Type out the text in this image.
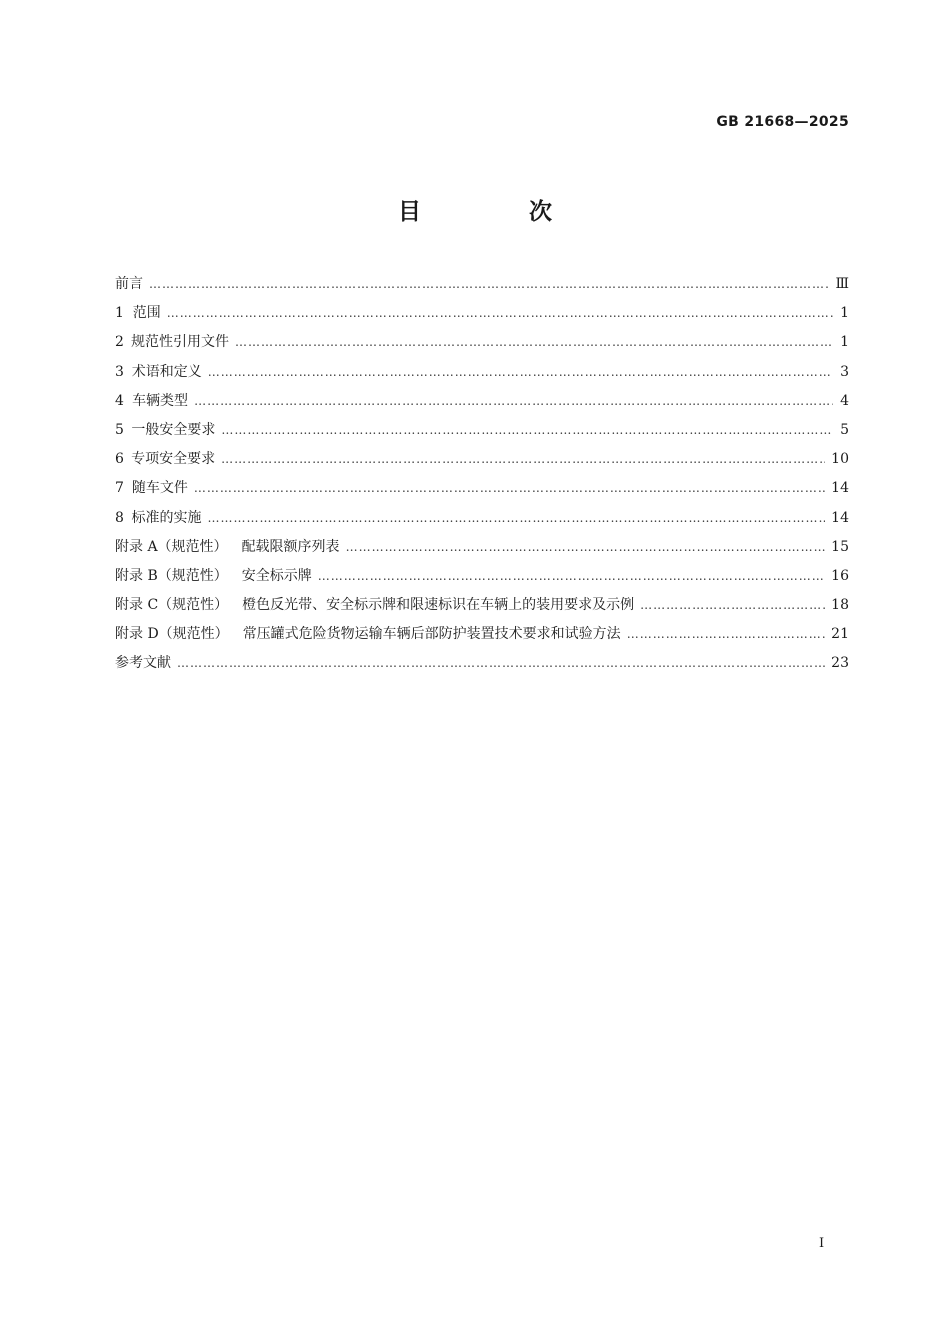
GB 21668—2025
目 次
前言 ………………………………………………………………………………………………………………………………………………………………………………………………	Ⅲ
1 范围 ………………………………………………………………………………………………………………………………………………………………………………………………	1
2 规范性引用文件 ………………………………………………………………………………………………………………………………………………………………………………………………	1
3 术语和定义 ………………………………………………………………………………………………………………………………………………………………………………………………	3
4 车辆类型 ………………………………………………………………………………………………………………………………………………………………………………………………	4
5 一般安全要求 ………………………………………………………………………………………………………………………………………………………………………………………………	5
6 专项安全要求 ………………………………………………………………………………………………………………………………………………………………………………………………	10
7 随车文件 ………………………………………………………………………………………………………………………………………………………………………………………………	14
8 标准的实施 ………………………………………………………………………………………………………………………………………………………………………………………………	14
附录 A（规范性）	配载限额序列表 ………………………………………………………………………………………………………………………………………………………………………………………………	15
附录 B（规范性）	安全标示牌 ………………………………………………………………………………………………………………………………………………………………………………………………	16
附录 C（规范性）	橙色反光带、安全标示牌和限速标识在车辆上的装用要求及示例 ………………………………………………………………………………………………………………………………………………………………………………………………	18
附录 D（规范性）	常压罐式危险货物运输车辆后部防护装置技术要求和试验方法 ………………………………………………………………………………………………………………………………………………………………………………………………	21
参考文献 ………………………………………………………………………………………………………………………………………………………………………………………………	23
Ⅰ
